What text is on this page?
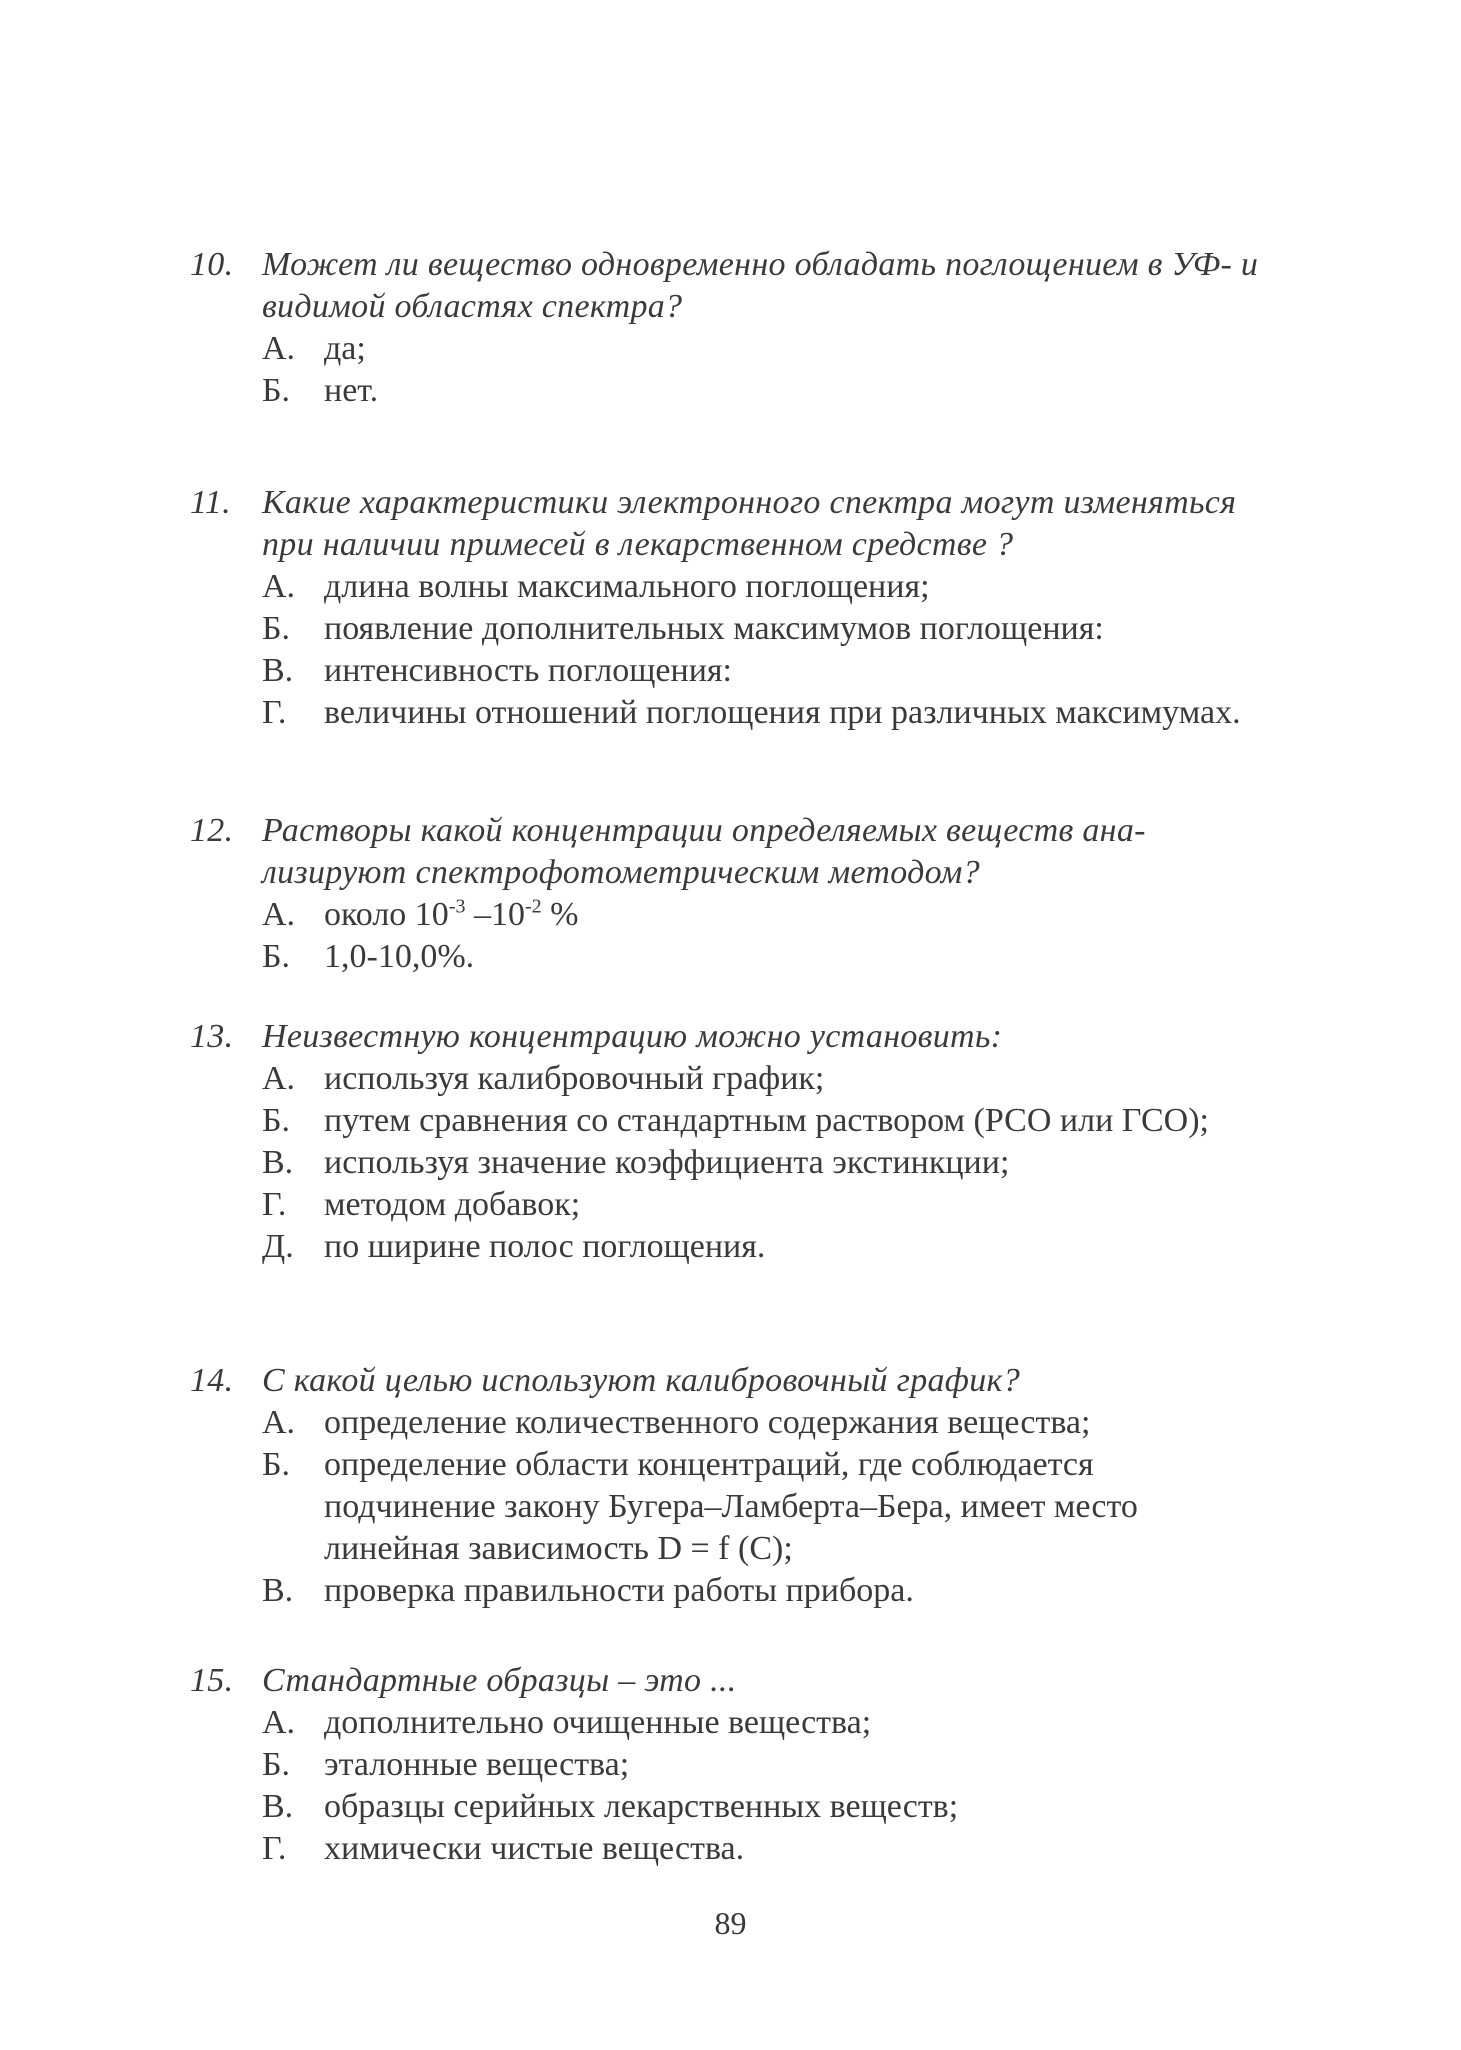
10. Может ли вещество одновременно обладать поглощением в УФ- и видимой областях спектра?
А. да;
Б. нет.
11. Какие характеристики электронного спектра могут изменяться при наличии примесей в лекарственном средстве ?
А. длина волны максимального поглощения;
Б. появление дополнительных максимумов поглощения:
В. интенсивность поглощения:
Г.	величины отношений поглощения при различных максимумах.
12. Растворы какой концентрации определяемых веществ анализируют спектрофотометрическим методом?
А. около $10^{-3}$ $-10^{-2}$ %
Б. 1,0-10,0%.
13. Неизвестную концентрацию можно установить:
А. используя калибровочный график;
Б. путем сравнения со стандартным раствором (РСО или ГСО);
В. используя значение коэффициента экстинкции;
Г.	методом добавок;
Д. по ширине полос поглощения.
14. С какой целью используют калибровочный график?
А. определение количественного содержания вещества;
Б. определение области концентраций, где соблюдается подчинение закону Бугера–Ламберта–Бера, имеет место линейная зависимость D = f (C);
В. проверка правильности работы прибора.
15. Стандартные образцы – это ...
А. дополнительно очищенные вещества;
Б. эталонные вещества;
В. образцы серийных лекарственных веществ;
Г.	химически чистые вещества.
89
